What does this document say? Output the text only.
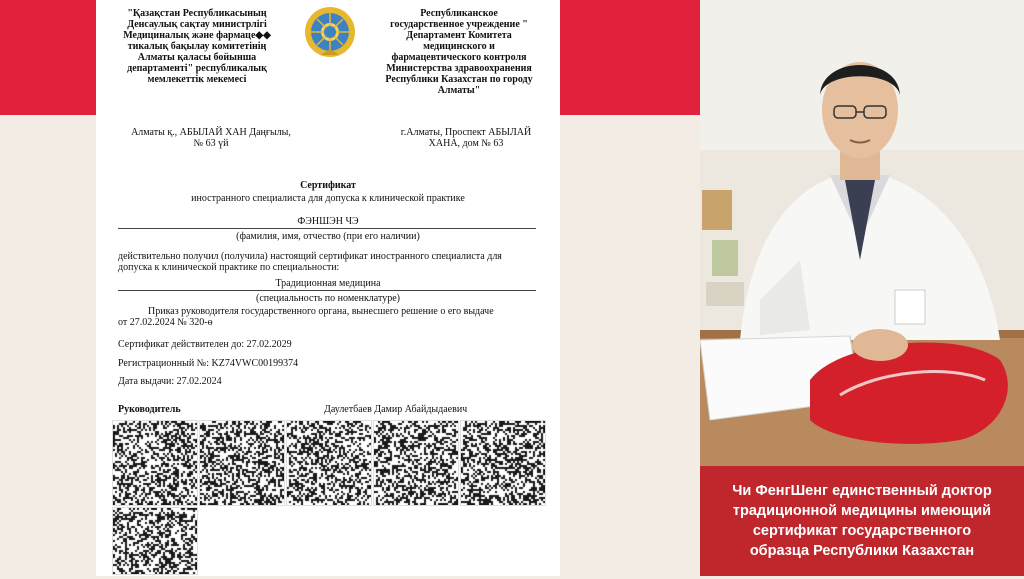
"Қазақстан Республикасының
Денсаулық сақтау министрлігі
Медициналық және фармаце◆◆
тикалық бақылау комитетінің
Алматы қаласы бойынша
департаменті" республикалық
мемлекеттік мекемесі
Республиканское
государственное учреждение "
Департамент Комитета
медицинского и
фармацевтического контроля
Министерства здравоохранения
Республики Казахстан по городу
Алматы"
Алматы қ., АБЫЛАЙ ХАН Даңғылы,
№ 63 үй
г.Алматы, Проспект АБЫЛАЙ
ХАНА, дом № 63
Сертификат
иностранного специалиста для допуска к клинической практике
ФЭНШЭН ЧЭ
(фамилия, имя, отчество (при его наличии)
действительно получил (получила) настоящий сертификат иностранного специалиста для
допуска к клинической практике по специальности:
Традиционная медицина
(специальность по номенклатуре)
Приказ руководителя государственного органа, вынесшего решение о его выдаче
от 27.02.2024 № 320-ө
Сертификат действителен до: 27.02.2029
Регистрационный №: KZ74VWC00199374
Дата выдачи: 27.02.2024
Руководитель	Даулетбаев Дамир Абайдыдаевич
Чи ФенгШенг единственный доктор
традиционной медицины имеющий
сертификат государственного
образца Республики Казахстан
